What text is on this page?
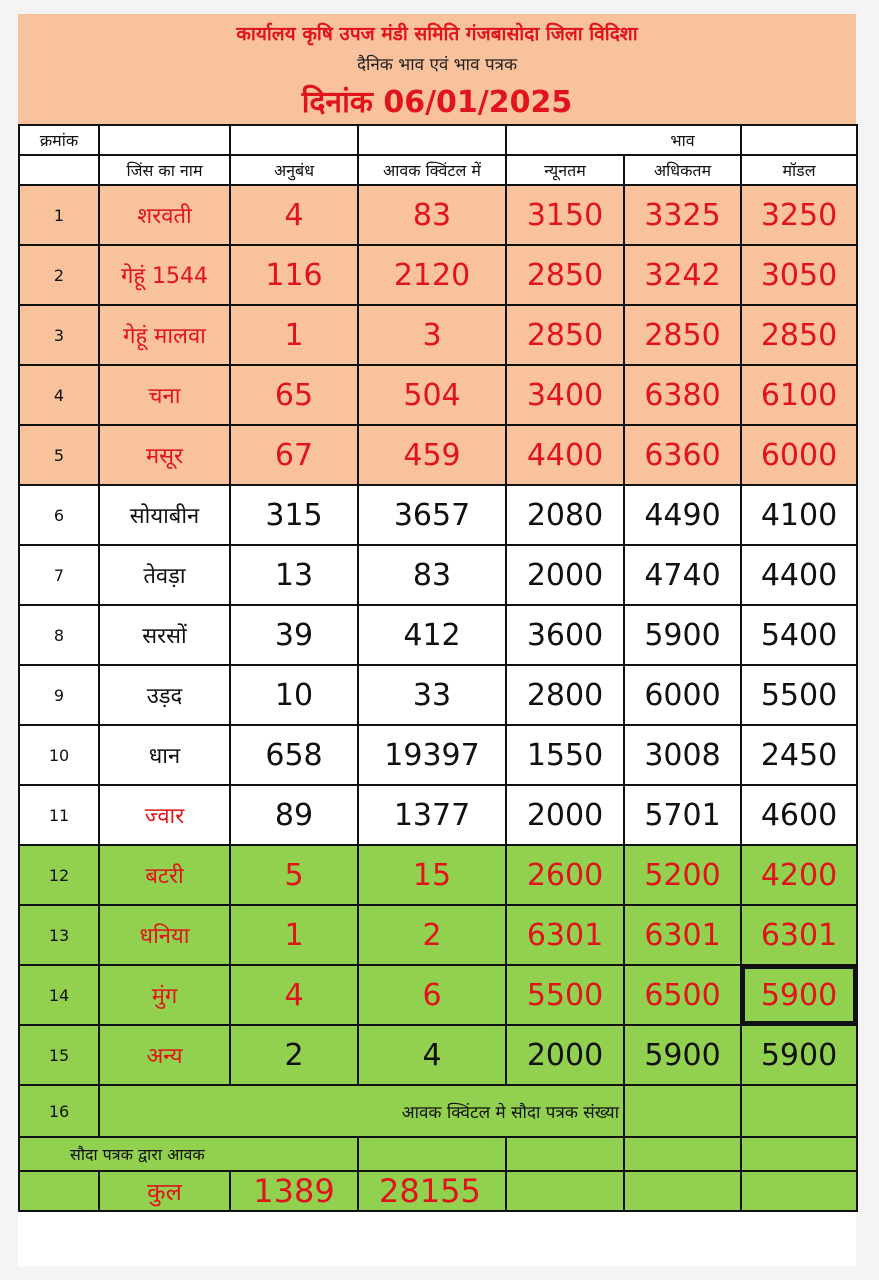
कार्यालय कृषि उपज मंडी समिति गंजबासोदा जिला विदिशा
दैनिक भाव एवं भाव पत्रक
दिनांक 06/01/2025
क्रमांक					भाव	
	जिंस का नाम	अनुबंध	आवक क्विंटल में	न्यूनतम	अधिकतम	मॉडल
1	शरवती	4	83	3150	3325	3250
2	गेहूं 1544	116	2120	2850	3242	3050
3	गेहूं मालवा	1	3	2850	2850	2850
4	चना	65	504	3400	6380	6100
5	मसूर	67	459	4400	6360	6000
6	सोयाबीन	315	3657	2080	4490	4100
7	तेवड़ा	13	83	2000	4740	4400
8	सरसों	39	412	3600	5900	5400
9	उड़द	10	33	2800	6000	5500
10	धान	658	19397	1550	3008	2450
11	ज्वार	89	1377	2000	5701	4600
12	बटरी	5	15	2600	5200	4200
13	धनिया	1	2	6301	6301	6301
14	मुंग	4	6	5500	6500	5900
15	अन्य	2	4	2000	5900	5900
16	आवक क्विंटल मे सौदा पत्रक संख्या					
सौदा पत्रक द्वारा आवक						
	कुल	1389	28155			
